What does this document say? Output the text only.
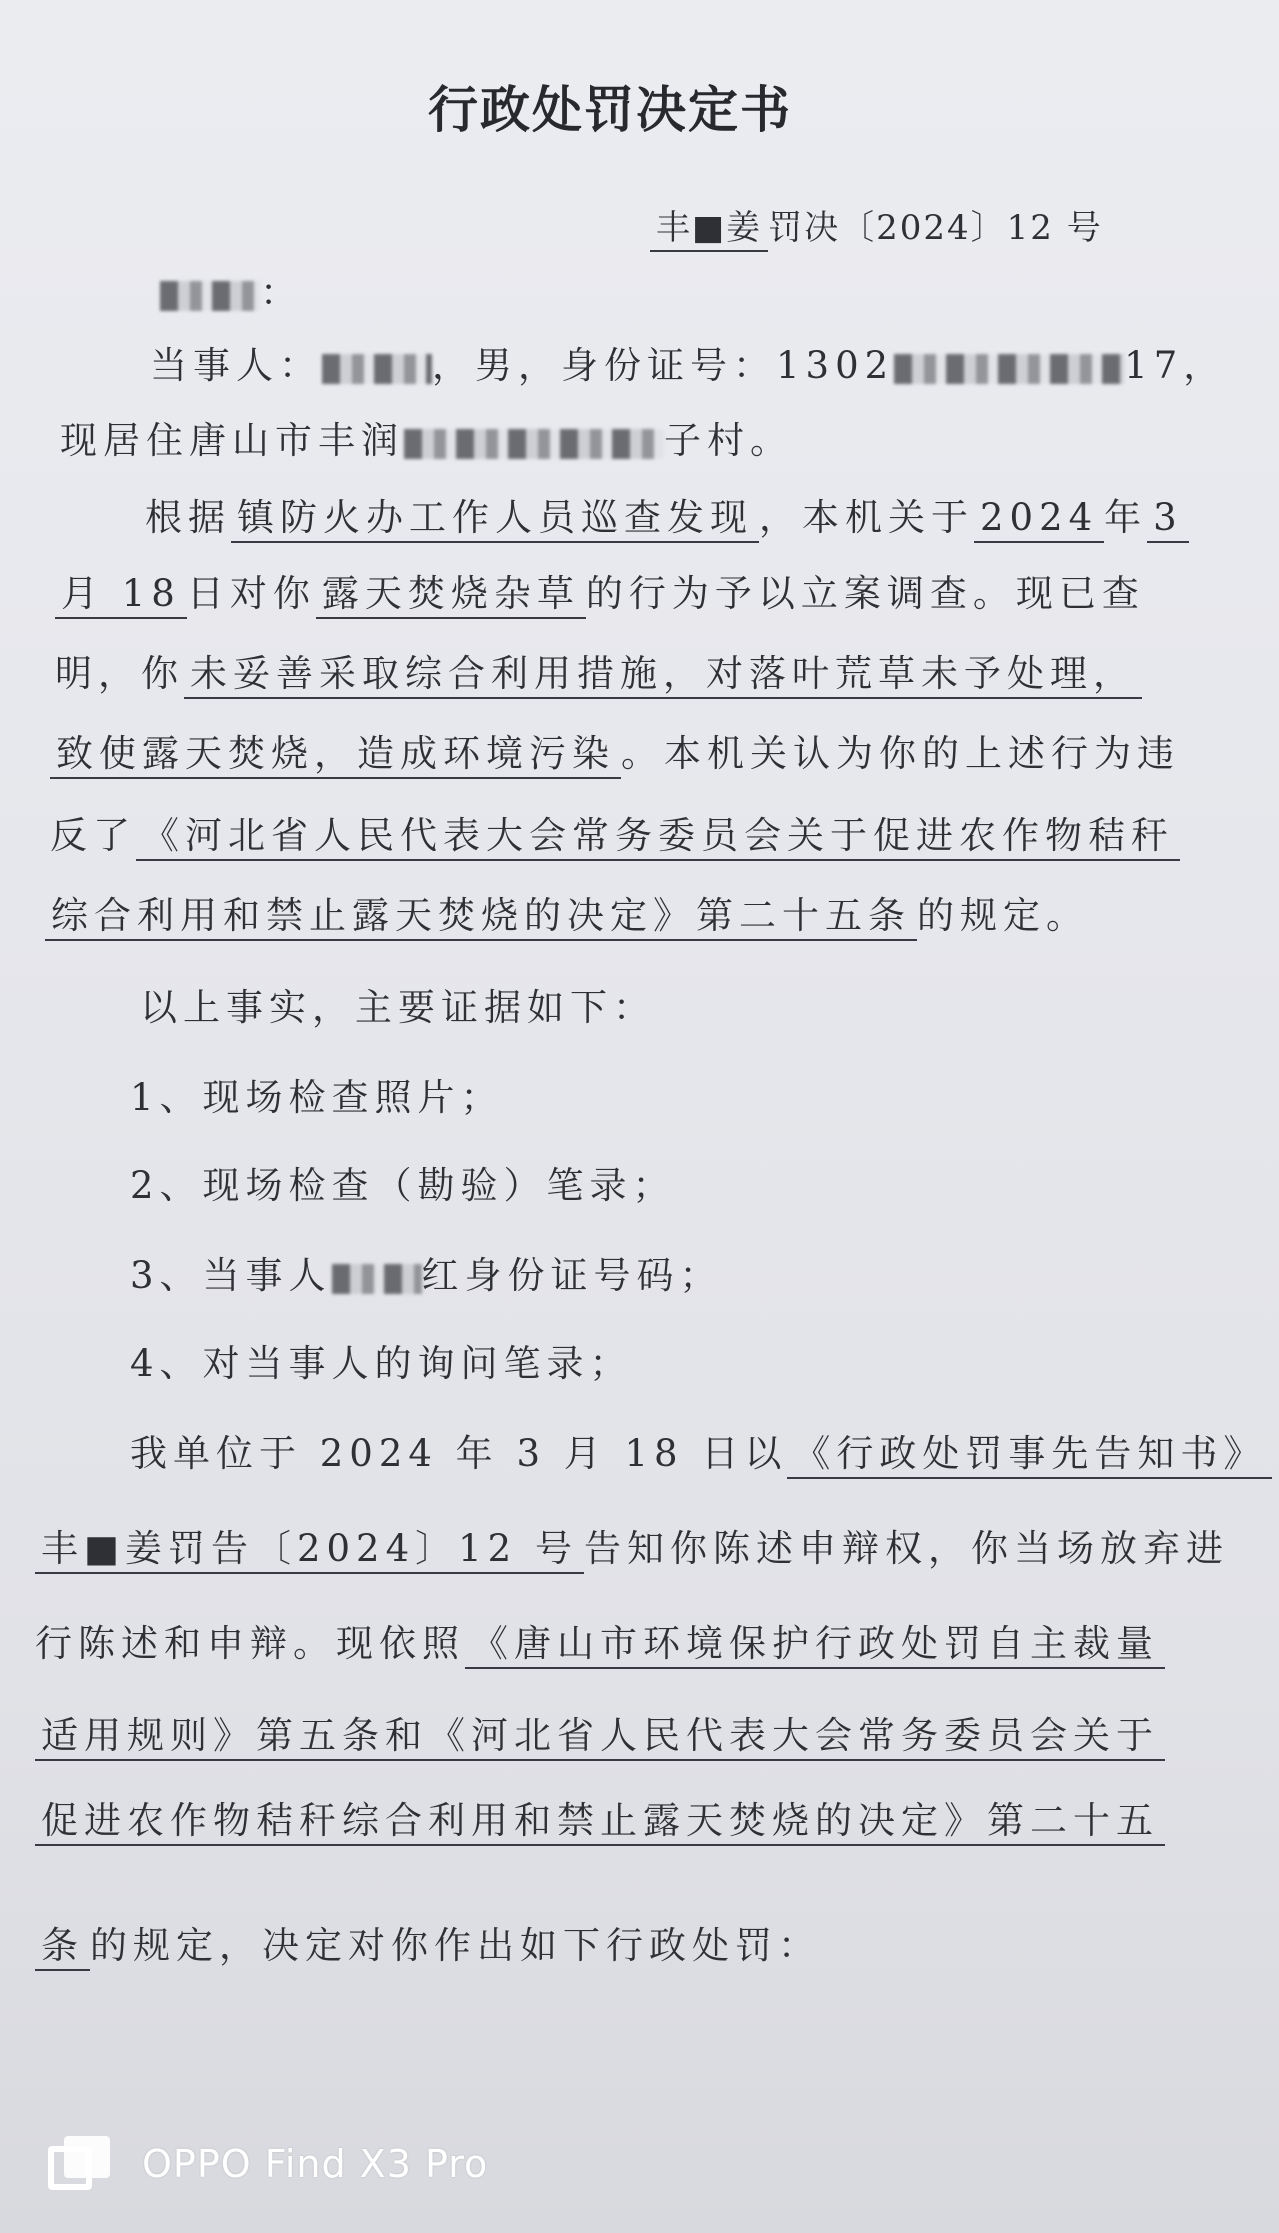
行政处罚决定书
丰■姜 罚决〔2024〕12 号
：
当事人：	，男，身份证号：1302	17，
现居住唐山市丰润	子村。
根据 镇防火办工作人员巡查发现 ，本机关于 2024 年 3
月 18 日对你 露天焚烧杂草 的行为予以立案调查。现已查
明，你 未妥善采取综合利用措施，对落叶荒草未予处理，
致使露天焚烧，造成环境污染 。本机关认为你的上述行为违
反了 《河北省人民代表大会常务委员会关于促进农作物秸秆
综合利用和禁止露天焚烧的决定》第二十五条 的规定。
以上事实，主要证据如下：
1、现场检查照片；
2、现场检查（勘验）笔录；
3、当事人 红身份证号码；
4、对当事人的询问笔录；
我单位于 2024 年 3 月 18 日以 《行政处罚事先告知书》
丰■姜罚告〔2024〕12 号 告知你陈述申辩权，你当场放弃进
行陈述和申辩。现依照 《唐山市环境保护行政处罚自主裁量
适用规则》第五条和《河北省人民代表大会常务委员会关于
促进农作物秸秆综合利用和禁止露天焚烧的决定》第二十五
条 的规定，决定对你作出如下行政处罚：
OPPO Find X3 Pro
